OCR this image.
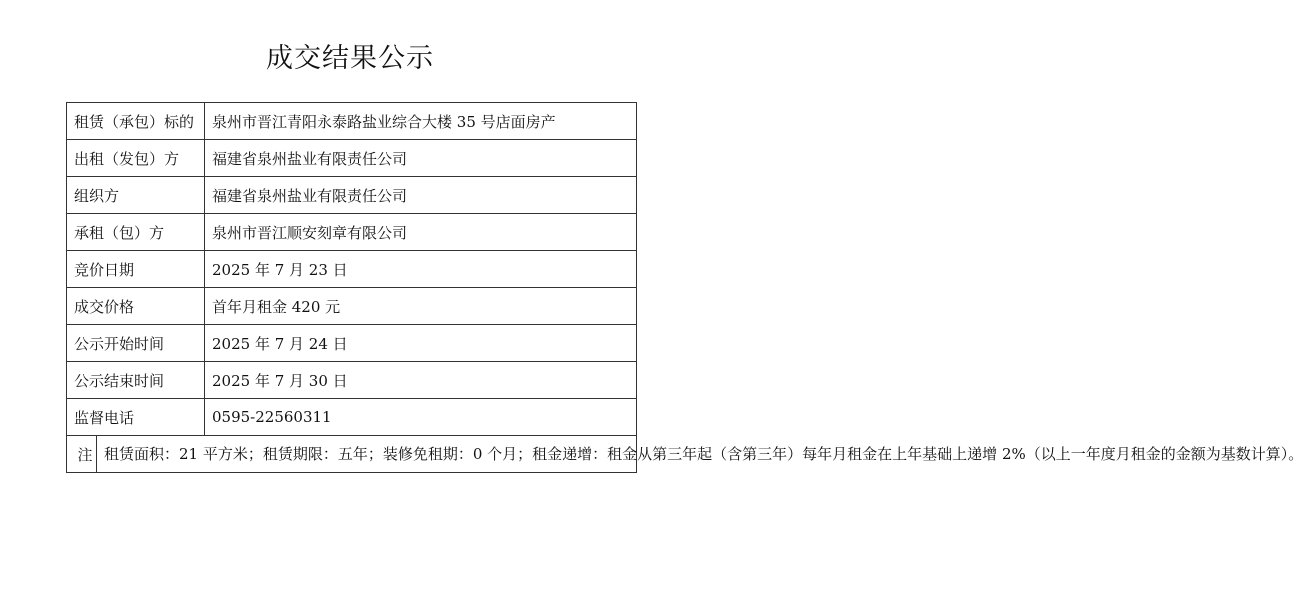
成交结果公示
租赁（承包）标的		泉州市晋江青阳永泰路盐业综合大楼 35 号店面房产
出租（发包）方		福建省泉州盐业有限责任公司
组织方		福建省泉州盐业有限责任公司
承租（包）方		泉州市晋江顺安刻章有限公司
竞价日期		2025 年 7 月 23 日
成交价格		首年月租金 420 元
公示开始时间		2025 年 7 月 24 日
公示结束时间		2025 年 7 月 30 日
监督电话		0595-22560311
注	租赁面积：21 平方米；租赁期限：五年；装修免租期：0 个月；租金递增：租金从第三年起（含第三年）每年月租金在上年基础上递增 2%（以上一年度月租金的金额为基数计算）。	
